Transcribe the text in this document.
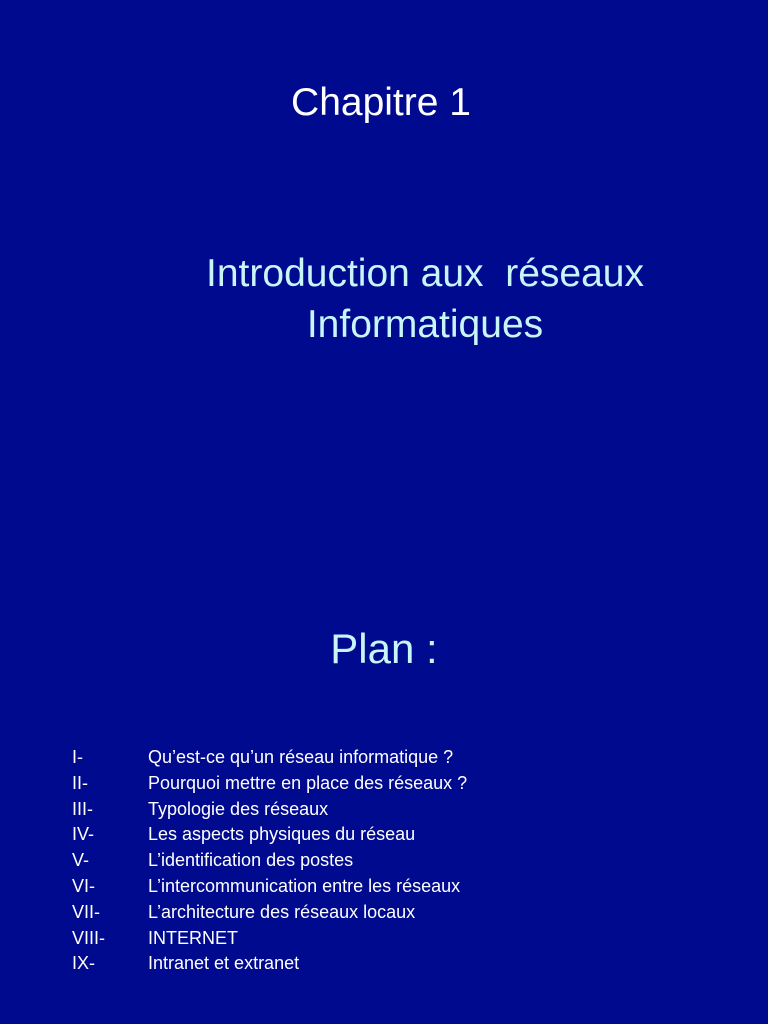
Chapitre 1
Introduction aux  réseaux
Informatiques
Plan :
I-	Qu’est-ce qu’un réseau informatique ?
II-	Pourquoi mettre en place des réseaux ?
III-	Typologie des réseaux
IV-	Les aspects physiques du réseau
V-	L’identification des postes
VI-	L’intercommunication entre les réseaux
VII-	L’architecture des réseaux locaux
VIII-	INTERNET
IX-	Intranet et extranet
